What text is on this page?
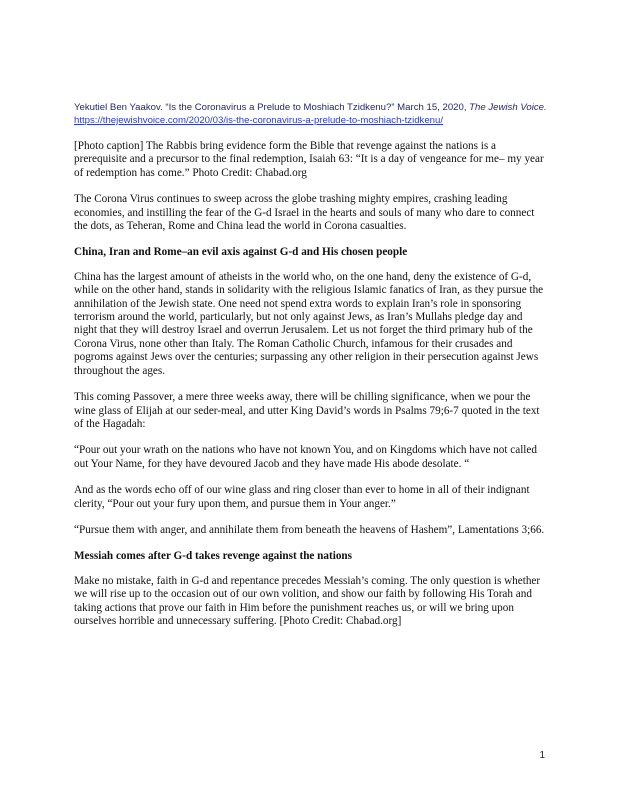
Yekutiel Ben Yaakov. “Is the Coronavirus a Prelude to Moshiach Tzidkenu?” March 15, 2020, The Jewish Voice. https://thejewishvoice.com/2020/03/is-the-coronavirus-a-prelude-to-moshiach-tzidkenu/

[Photo caption] The Rabbis bring evidence form the Bible that revenge against the nations is a prerequisite and a precursor to the final redemption, Isaiah 63: “It is a day of vengeance for me– my year of redemption has come.” Photo Credit: Chabad.org

The Corona Virus continues to sweep across the globe trashing mighty empires, crashing leading economies, and instilling the fear of the G-d Israel in the hearts and souls of many who dare to connect the dots, as Teheran, Rome and China lead the world in Corona casualties.

China, Iran and Rome–an evil axis against G-d and His chosen people

China has the largest amount of atheists in the world who, on the one hand, deny the existence of G-d, while on the other hand, stands in solidarity with the religious Islamic fanatics of Iran, as they pursue the annihilation of the Jewish state. One need not spend extra words to explain Iran’s role in sponsoring terrorism around the world, particularly, but not only against Jews, as Iran’s Mullahs pledge day and night that they will destroy Israel and overrun Jerusalem. Let us not forget the third primary hub of the Corona Virus, none other than Italy. The Roman Catholic Church, infamous for their crusades and pogroms against Jews over the centuries; surpassing any other religion in their persecution against Jews throughout the ages.

This coming Passover, a mere three weeks away, there will be chilling significance, when we pour the wine glass of Elijah at our seder-meal, and utter King David’s words in Psalms 79;6-7 quoted in the text of the Hagadah:

“Pour out your wrath on the nations who have not known You, and on Kingdoms which have not called out Your Name, for they have devoured Jacob and they have made His abode desolate. “

And as the words echo off of our wine glass and ring closer than ever to home in all of their indignant clerity, “Pour out your fury upon them, and pursue them in Your anger.”

“Pursue them with anger, and annihilate them from beneath the heavens of Hashem”, Lamentations 3;66.

Messiah comes after G-d takes revenge against the nations

Make no mistake, faith in G-d and repentance precedes Messiah’s coming. The only question is whether we will rise up to the occasion out of our own volition, and show our faith by following His Torah and taking actions that prove our faith in Him before the punishment reaches us, or will we bring upon ourselves horrible and unnecessary suffering. [Photo Credit: Chabad.org]

1
